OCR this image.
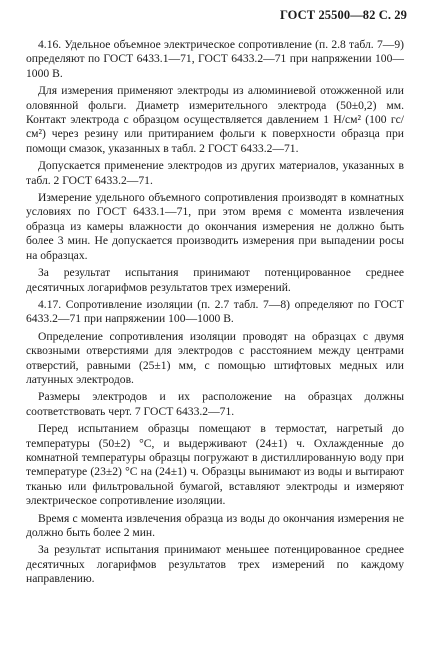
ГОСТ 25500—82 С. 29

4.16. Удельное объемное электрическое сопротивление (п. 2.8 табл. 7—9) определяют по ГОСТ 6433.1—71, ГОСТ 6433.2—71 при напряжении 100—1000 В.

Для измерения применяют электроды из алюминиевой отожженной или оловянной фольги. Диаметр измерительного электрода (50±0,2) мм. Контакт электрода с образцом осуществляется давлением 1 Н/см² (100 гс/см²) через резину или притиранием фольги к поверхности образца при помощи смазок, указанных в табл. 2 ГОСТ 6433.2—71.

Допускается применение электродов из других материалов, указанных в табл. 2 ГОСТ 6433.2—71.

Измерение удельного объемного сопротивления производят в комнатных условиях по ГОСТ 6433.1—71, при этом время с момента извлечения образца из камеры влажности до окончания измерения не должно быть более 3 мин. Не допускается производить измерения при выпадении росы на образцах.

За результат испытания принимают потенцированное среднее десятичных логарифмов результатов трех измерений.

4.17. Сопротивление изоляции (п. 2.7 табл. 7—8) определяют по ГОСТ 6433.2—71 при напряжении 100—1000 В.

Определение сопротивления изоляции проводят на образцах с двумя сквозными отверстиями для электродов с расстоянием между центрами отверстий, равными (25±1) мм, с помощью штифтовых медных или латунных электродов.

Размеры электродов и их расположение на образцах должны соответствовать черт. 7 ГОСТ 6433.2—71.

Перед испытанием образцы помещают в термостат, нагретый до температуры (50±2) °С, и выдерживают (24±1) ч. Охлажденные до комнатной температуры образцы погружают в дистиллированную воду при температуре (23±2) °С на (24±1) ч. Образцы вынимают из воды и вытирают тканью или фильтровальной бумагой, вставляют электроды и измеряют электрическое сопротивление изоляции.

Время с момента извлечения образца из воды до окончания измерения не должно быть более 2 мин.

За результат испытания принимают меньшее потенцированное среднее десятичных логарифмов результатов трех измерений по каждому направлению.
